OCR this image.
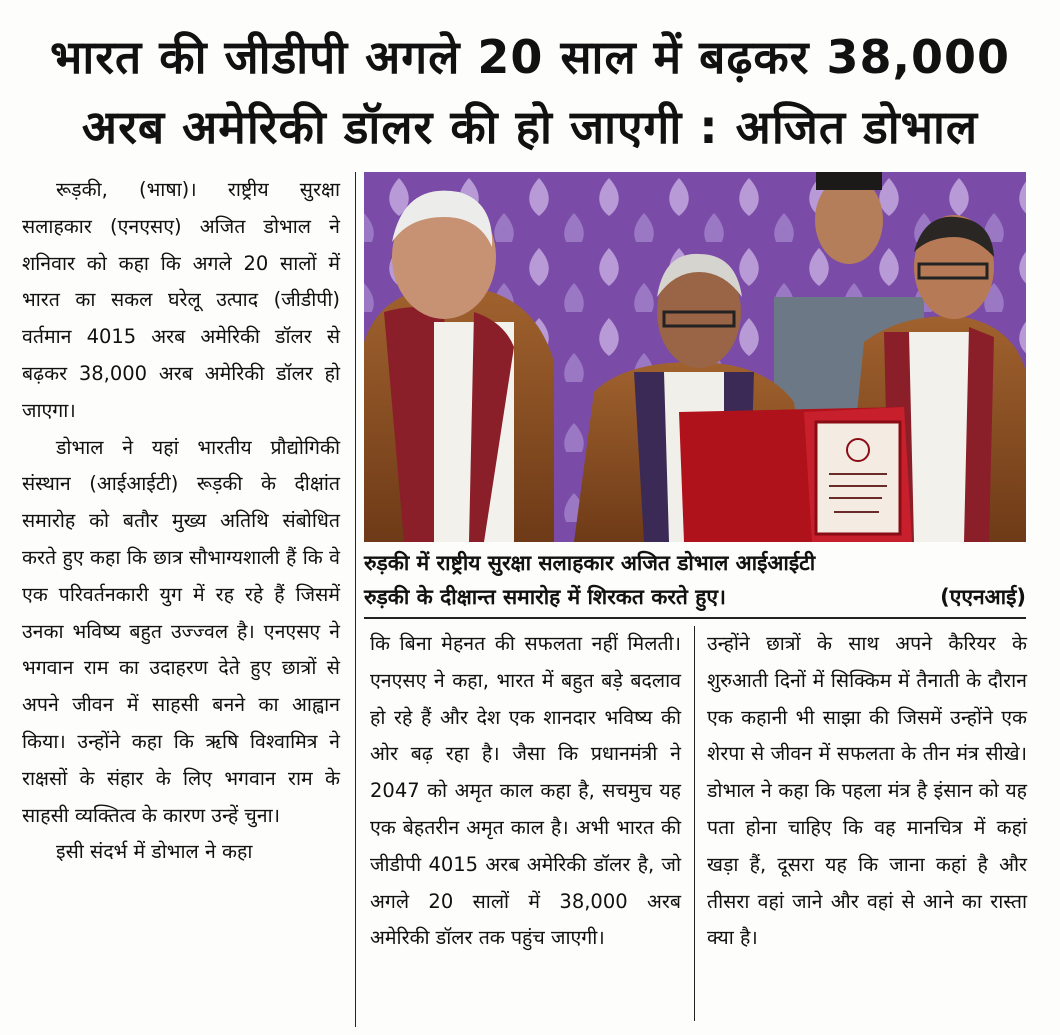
भारत की जीडीपी अगले 20 साल में बढ़कर 38,000
अरब अमेरिकी डॉलर की हो जाएगी : अजित डोभाल

रूड़की, (भाषा)। राष्ट्रीय सुरक्षा सलाहकार (एनएसए) अजित डोभाल ने शनिवार को कहा कि अगले 20 सालों में भारत का सकल घरेलू उत्पाद (जीडीपी) वर्तमान 4015 अरब अमेरिकी डॉलर से बढ़कर 38,000 अरब अमेरिकी डॉलर हो जाएगा।

डोभाल ने यहां भारतीय प्रौद्योगिकी संस्थान (आईआईटी) रूड़की के दीक्षांत समारोह को बतौर मुख्य अतिथि संबोधित करते हुए कहा कि छात्र सौभाग्यशाली हैं कि वे एक परिवर्तनकारी युग में रह रहे हैं जिसमें उनका भविष्य बहुत उज्ज्वल है। एनएसए ने भगवान राम का उदाहरण देते हुए छात्रों से अपने जीवन में साहसी बनने का आह्वान किया। उन्होंने कहा कि ऋषि विश्वामित्र ने राक्षसों के संहार के लिए भगवान राम के साहसी व्यक्तित्व के कारण उन्हें चुना।

इसी संदर्भ में डोभाल ने कहा

रुड़की में राष्ट्रीय सुरक्षा सलाहकार अजित डोभाल आईआईटी
रुड़की के दीक्षान्त समारोह में शिरकत करते हुए।	(एएनआई)

कि बिना मेहनत की सफलता नहीं मिलती। एनएसए ने कहा, भारत में बहुत बड़े बदलाव हो रहे हैं और देश एक शानदार भविष्य की ओर बढ़ रहा है। जैसा कि प्रधानमंत्री ने 2047 को अमृत काल कहा है, सचमुच यह एक बेहतरीन अमृत काल है। अभी भारत की जीडीपी 4015 अरब अमेरिकी डॉलर है, जो अगले 20 सालों में 38,000 अरब अमेरिकी डॉलर तक पहुंच जाएगी।

उन्होंने छात्रों के साथ अपने कैरियर के शुरुआती दिनों में सिक्किम में तैनाती के दौरान एक कहानी भी साझा की जिसमें उन्होंने एक शेरपा से जीवन में सफलता के तीन मंत्र सीखे। डोभाल ने कहा कि पहला मंत्र है इंसान को यह पता होना चाहिए कि वह मानचित्र में कहां खड़ा हैं, दूसरा यह कि जाना कहां है और तीसरा वहां जाने और वहां से आने का रास्ता क्या है।
